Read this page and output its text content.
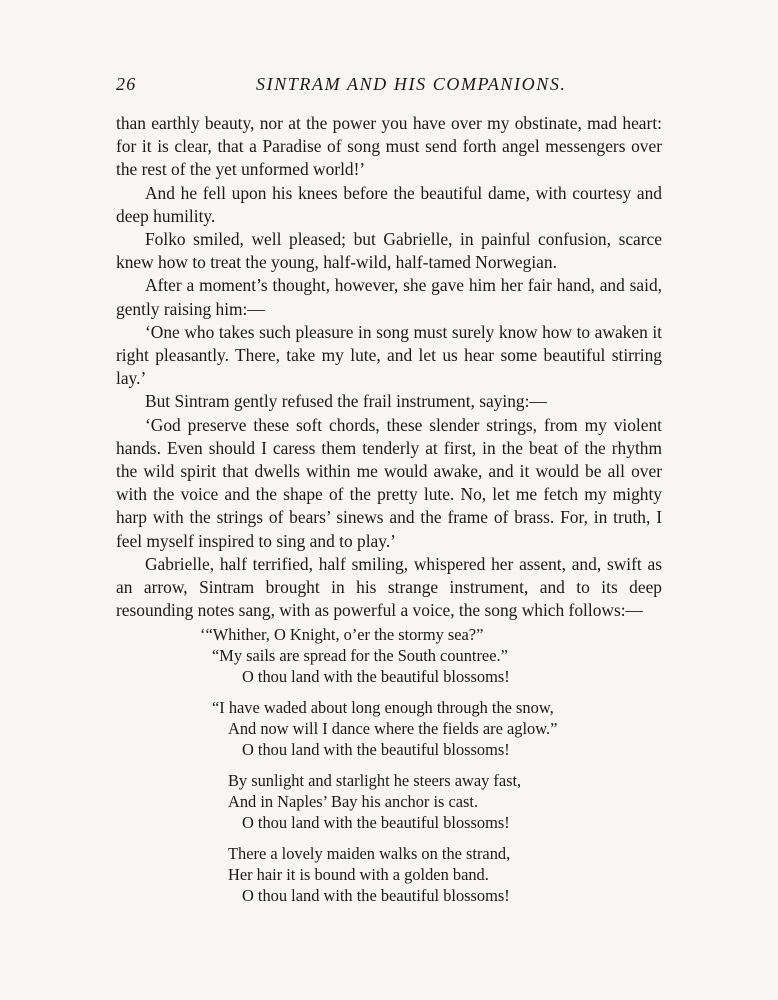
26	SINTRAM AND HIS COMPANIONS.

than earthly beauty, nor at the power you have over my obstinate, mad heart: for it is clear, that a Paradise of song must send forth angel messengers over the rest of the yet unformed world!’

And he fell upon his knees before the beautiful dame, with courtesy and deep humility.

Folko smiled, well pleased; but Gabrielle, in painful confusion, scarce knew how to treat the young, half-wild, half-tamed Norwegian.

After a moment’s thought, however, she gave him her fair hand, and said, gently raising him:—

‘One who takes such pleasure in song must surely know how to awaken it right pleasantly. There, take my lute, and let us hear some beautiful stirring lay.’

But Sintram gently refused the frail instrument, saying:—

‘God preserve these soft chords, these slender strings, from my violent hands. Even should I caress them tenderly at first, in the beat of the rhythm the wild spirit that dwells within me would awake, and it would be all over with the voice and the shape of the pretty lute. No, let me fetch my mighty harp with the strings of bears’ sinews and the frame of brass. For, in truth, I feel myself inspired to sing and to play.’

Gabrielle, half terrified, half smiling, whispered her assent, and, swift as an arrow, Sintram brought in his strange instrument, and to its deep resounding notes sang, with as powerful a voice, the song which follows:—

‘“Whither, O Knight, o’er the stormy sea?”
“My sails are spread for the South countree.”
O thou land with the beautiful blossoms!
“I have waded about long enough through the snow,
And now will I dance where the fields are aglow.”
O thou land with the beautiful blossoms!
By sunlight and starlight he steers away fast,
And in Naples’ Bay his anchor is cast.
O thou land with the beautiful blossoms!
There a lovely maiden walks on the strand,
Her hair it is bound with a golden band.
O thou land with the beautiful blossoms!
